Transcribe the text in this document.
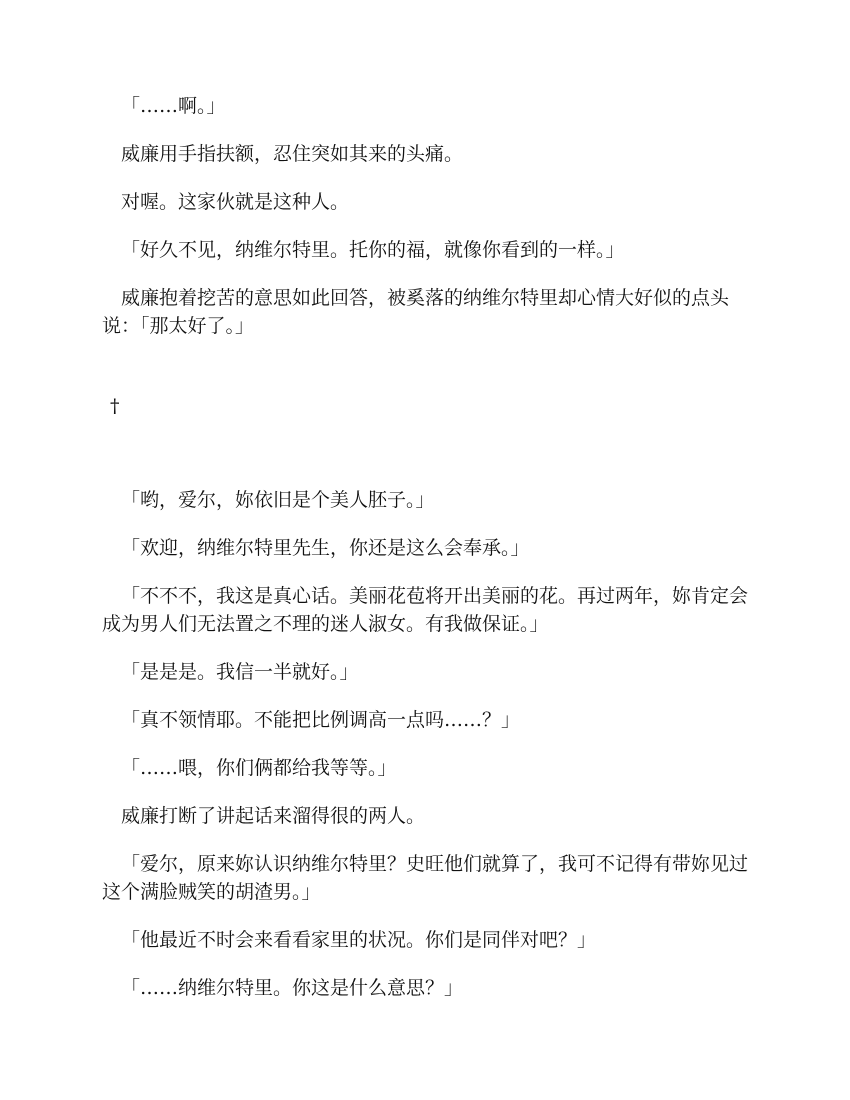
「……啊。」

威廉用手指扶额，忍住突如其来的头痛。

对喔。这家伙就是这种人。

「好久不见，纳维尔特里。托你的福，就像你看到的一样。」

威廉抱着挖苦的意思如此回答，被奚落的纳维尔特里却心情大好似的点头说：「那太好了。」

†

「哟，爱尔，妳依旧是个美人胚子。」

「欢迎，纳维尔特里先生，你还是这么会奉承。」

「不不不，我这是真心话。美丽花苞将开出美丽的花。再过两年，妳肯定会成为男人们无法置之不理的迷人淑女。有我做保证。」

「是是是。我信一半就好。」

「真不领情耶。不能把比例调高一点吗……？」

「……喂，你们俩都给我等等。」

威廉打断了讲起话来溜得很的两人。

「爱尔，原来妳认识纳维尔特里？史旺他们就算了，我可不记得有带妳见过这个满脸贼笑的胡渣男。」

「他最近不时会来看看家里的状况。你们是同伴对吧？」

「……纳维尔特里。你这是什么意思？」
